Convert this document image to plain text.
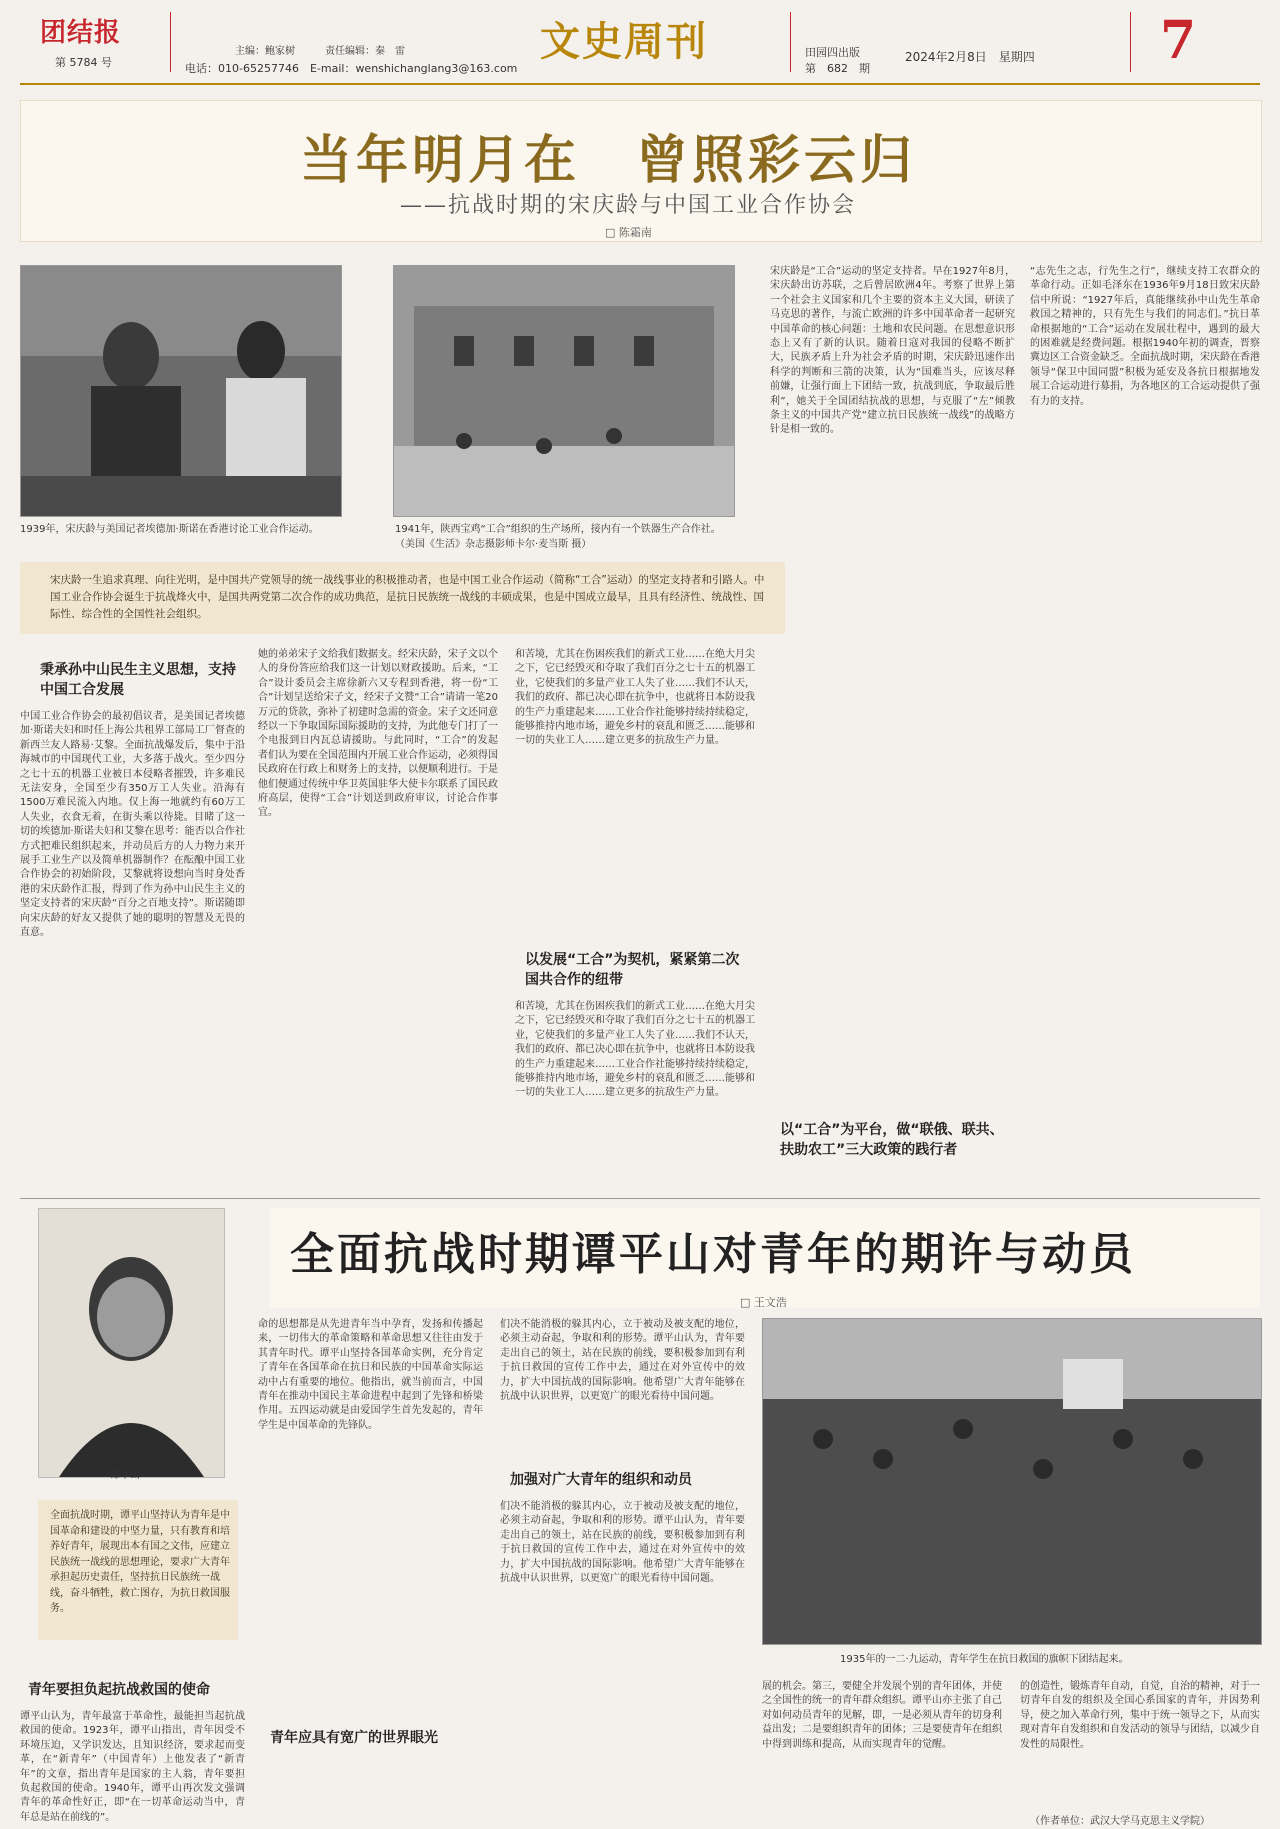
团结报
第 5784 号
主编：鲍家树　　　责任编辑：秦　雷
电话：010-65257746　E-mail：wenshichanglang3@163.com
文史周刊	田园四出版
第　682　期
2024年2月8日　星期四 7
当年明月在　曾照彩云归
——抗战时期的宋庆龄与中国工业合作协会
□ 陈霜南
1939年，宋庆龄与美国记者埃德加·斯诺在香港讨论工业合作运动。	1941年，陕西宝鸡“工合”组织的生产场所，接内有一个铁器生产合作社。　（美国《生活》杂志摄影师卡尔·麦当斯 摄）
宋庆龄一生追求真理、向往光明，是中国共产党领导的统一战线事业的积极推动者，也是中国工业合作运动（简称“工合”运动）的坚定支持者和引路人。中国工业合作协会诞生于抗战烽火中，是国共两党第二次合作的成功典范，是抗日民族统一战线的丰硕成果，也是中国成立最早，且具有经济性、统战性、国际性、综合性的全国性社会组织。
秉承孙中山民生主义思想，支持中国工合发展
中国工业合作协会的最初倡议者，是美国记者埃德加·斯诺夫妇和时任上海公共租界工部局工厂督查的新西兰友人路易·艾黎。全面抗战爆发后，集中于沿海城市的中国现代工业，大多落于战火。至少四分之七十五的机器工业被日本侵略者摧毁，许多难民无法安身，全国至少有350万工人失业。沿海有1500万难民流入内地。仅上海一地就约有60万工人失业，衣食无着，在街头乘以待毙。目睹了这一切的埃德加·斯诺夫妇和艾黎在思考：能否以合作社方式把难民组织起来，并动员后方的人力物力来开展手工业生产以及简单机器制作？在酝酿中国工业合作协会的初始阶段，艾黎就将设想向当时身处香港的宋庆龄作汇报，得到了作为孙中山民生主义的坚定支持者的宋庆龄“百分之百地支持”。斯诺随即向宋庆龄的好友又提供了她的聪明的智慧及无畏的直意。
她的弟弟宋子文给我们数据支。经宋庆龄，宋子文以个人的身份答应给我们这一计划以财政援助。后来，“工合”设计委员会主席徐新六又专程到香港，将一份“工合”计划呈送给宋子文，经宋子文赞“工合”请请一笔20万元的贷款，弥补了初建时急需的资金。宋子文还同意经以一下争取国际国际援助的支持，为此他专门打了一个电报到日内瓦总请援助。与此同时，“工合”的发起者们认为要在全国范围内开展工业合作运动，必须得国民政府在行政上和财务上的支持，以便顺利进行。于是他们便通过传统中华卫英国驻华大使卡尔联系了国民政府高层，使得“工合”计划送到政府审议，讨论合作事宜。
和苦境，尤其在伤困疾我们的新式工业……在绝大月尖之下，它已经毁灭和夺取了我们百分之七十五的机器工业，它使我们的多量产业工人失了业……我们不认天，我们的政府、都已决心即在抗争中，也就将日本防设我的生产力重建起来……工业合作社能够持续持续稳定，能够推持内地市场，避免乡村的衰乱和匮乏……能够和一切的失业工人……建立更多的抗敌生产力量。
以发展“工合”为契机，紧紧第二次国共合作的纽带
和苦境，尤其在伤困疾我们的新式工业……在绝大月尖之下，它已经毁灭和夺取了我们百分之七十五的机器工业，它使我们的多量产业工人失了业……我们不认天，我们的政府、都已决心即在抗争中，也就将日本防设我的生产力重建起来……工业合作社能够持续持续稳定，能够推持内地市场，避免乡村的衰乱和匮乏……能够和一切的失业工人……建立更多的抗敌生产力量。
宋庆龄是“工合”运动的坚定支持者。早在1927年8月，宋庆龄出访苏联，之后曾居欧洲4年。考察了世界上第一个社会主义国家和几个主要的资本主义大国，研读了马克思的著作，与流亡欧洲的许多中国革命者一起研究中国革命的核心问题：土地和农民问题。在思想意识形态上又有了新的认识。随着日寇对我国的侵略不断扩大，民族矛盾上升为社会矛盾的时期，宋庆龄迅速作出科学的判断和三箭的决策，认为“国难当头，应该尽释前嫌，让强行面上下团结一致，抗战到底，争取最后胜利”，她关于全国团结抗战的思想，与克服了“左”倾教条主义的中国共产党“建立抗日民族统一战线”的战略方针是相一致的。
以“工合”为平台，做“联俄、联共、扶助农工”三大政策的践行者
“志先生之志，行先生之行”，继续支持工农群众的革命行动。正如毛泽东在1936年9月18日致宋庆龄信中所说：“1927年后，真能继续孙中山先生革命救国之精神的，只有先生与我们的同志们。”抗日革命根据地的“工合”运动在发展壮程中，遇到的最大的困难就是经费问题。根据1940年初的调查，晋察冀边区工合资金缺乏。全面抗战时期，宋庆龄在香港领导“保卫中国同盟”积极为延安及各抗日根据地发展工合运动进行募捐，为各地区的工合运动提供了强有力的支持。
谭平山
全面抗战时期谭平山对青年的期许与动员
□ 王文浩
全面抗战时期，谭平山坚持认为青年是中国革命和建设的中坚力量，只有教育和培养好青年，展现出本有国之文伟，应建立民族统一战线的思想理论，要求广大青年承担起历史责任，坚持抗日民族统一战线，奋斗牺牲，救亡图存，为抗日救国服务。
青年要担负起抗战救国的使命
谭平山认为，青年最富于革命性，最能担当起抗战救国的使命。1923年，谭平山指出，青年因受不环境压迫，又学识发达，且知识经济，要求起而变革，在“新青年”（中国青年）上他发表了“新青年”的文章，指出青年是国家的主人翁，青年要担负起救国的使命。1940年，谭平山再次发文强调青年的革命性好正，即“在一切革命运动当中，青年总是站在前线的”。
命的思想都是从先进青年当中孕育，发扬和传播起来，一切伟大的革命策略和革命思想又往往由发于其青年时代。谭平山坚持各国革命实例，充分肯定了青年在各国革命在抗日和民族的中国革命实际运动中占有重要的地位。他指出，就当前而言，中国青年在推动中国民主革命进程中起到了先锋和桥梁作用。五四运动就是由爱国学生首先发起的，青年学生是中国革命的先锋队。
们决不能消极的躲其内心，立于被动及被支配的地位，必须主动奋起，争取和利的形势。谭平山认为，青年要走出自己的领土，站在民族的前线，要积极参加到有利于抗日救国的宣传工作中去，通过在对外宣传中的效力，扩大中国抗战的国际影响。他希望广大青年能够在抗战中认识世界，以更宽广的眼光看待中国问题。
加强对广大青年的组织和动员
们决不能消极的躲其内心，立于被动及被支配的地位，必须主动奋起，争取和利的形势。谭平山认为，青年要走出自己的领土，站在民族的前线，要积极参加到有利于抗日救国的宣传工作中去，通过在对外宣传中的效力，扩大中国抗战的国际影响。他希望广大青年能够在抗战中认识世界，以更宽广的眼光看待中国问题。
青年应具有宽广的世界眼光
1935年的一二·九运动，青年学生在抗日救国的旗帜下团结起来。
展的机会。第三，要健全并发展个别的青年团体，并使之全国性的统一的青年群众组织。谭平山亦主张了自己对如何动员青年的见解，即，一是必须从青年的切身利益出发；二是要组织青年的团体；三是要使青年在组织中得到训练和提高，从而实现青年的觉醒。
的创造性，锻炼青年自动，自觉，自治的精神，对于一切青年自发的组织及全国心系国家的青年，并因势利导，使之加入革命行列，集中于统一领导之下，从而实现对青年自发组织和自发活动的领导与团结，以减少自发性的局限性。
（作者单位：武汉大学马克思主义学院）
